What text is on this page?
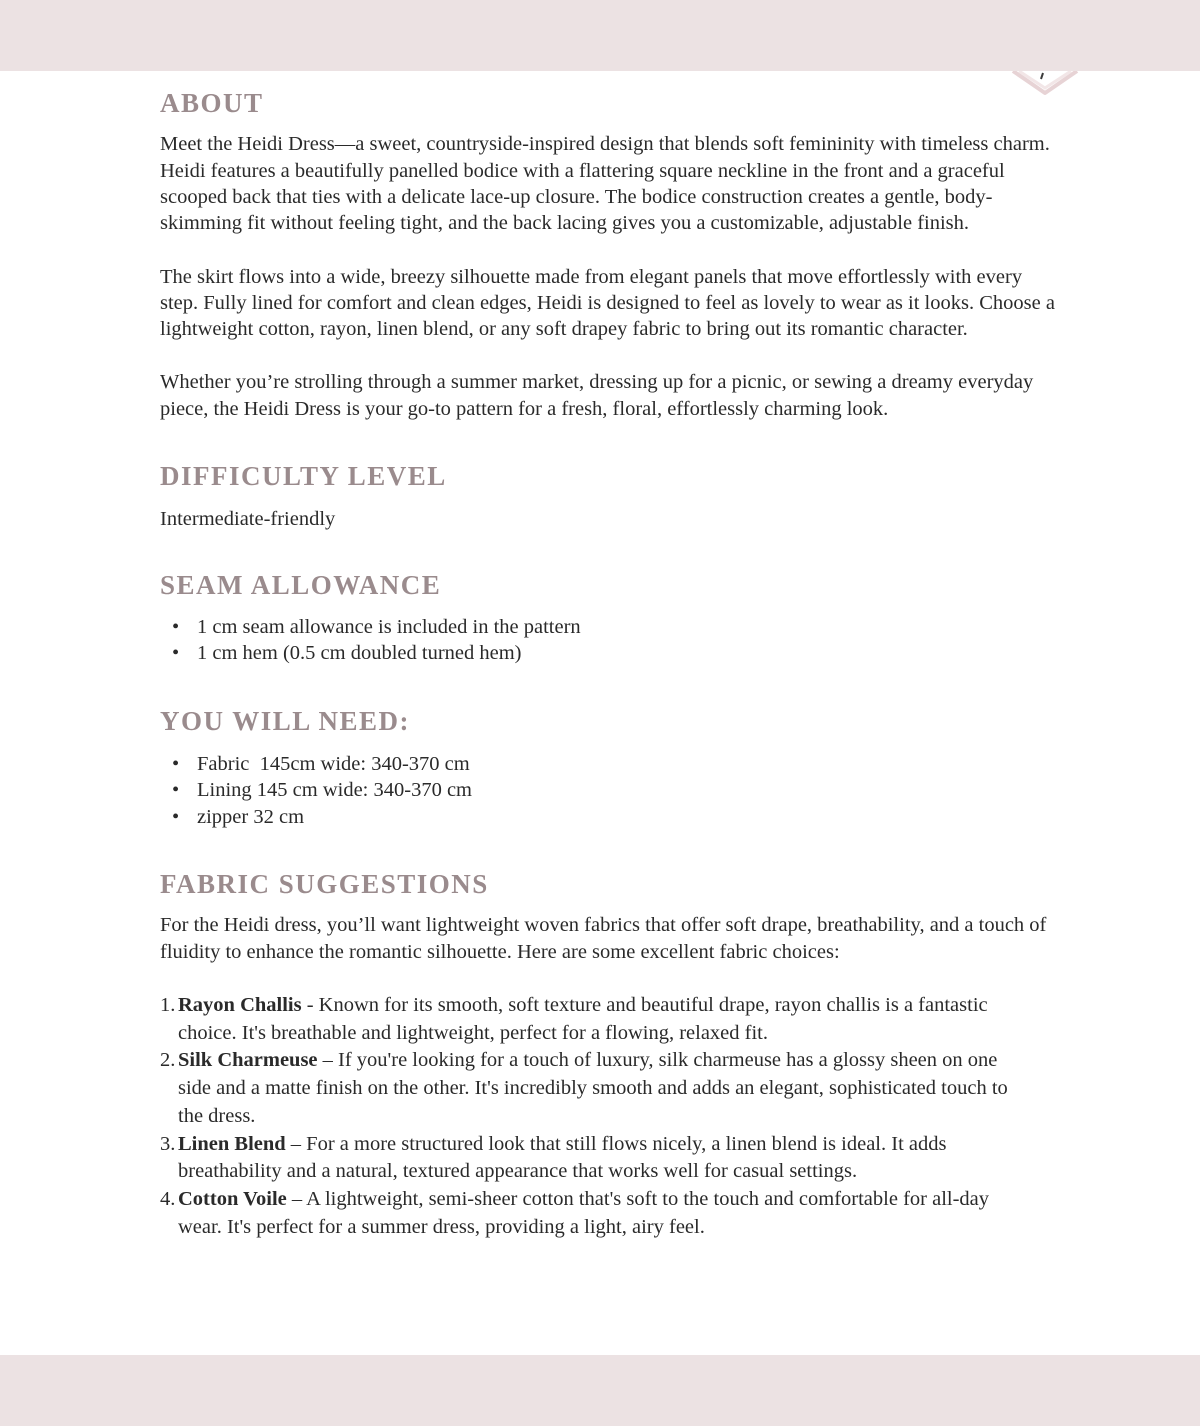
ABOUT

Meet the Heidi Dress—a sweet, countryside-inspired design that blends soft femininity with timeless charm. Heidi features a beautifully panelled bodice with a flattering square neckline in the front and a graceful scooped back that ties with a delicate lace-up closure. The bodice construction creates a gentle, body-skimming fit without feeling tight, and the back lacing gives you a customizable, adjustable finish.

The skirt flows into a wide, breezy silhouette made from elegant panels that move effortlessly with every step. Fully lined for comfort and clean edges, Heidi is designed to feel as lovely to wear as it looks. Choose a lightweight cotton, rayon, linen blend, or any soft drapey fabric to bring out its romantic character.

Whether you’re strolling through a summer market, dressing up for a picnic, or sewing a dreamy everyday piece, the Heidi Dress is your go-to pattern for a fresh, floral, effortlessly charming look.

DIFFICULTY LEVEL

Intermediate-friendly

SEAM ALLOWANCE
• 1 cm seam allowance is included in the pattern
• 1 cm hem (0.5 cm doubled turned hem)
YOU WILL NEED:
• Fabric  145cm wide: 340-370 cm
• Lining 145 cm wide: 340-370 cm
• zipper 32 cm
FABRIC SUGGESTIONS

For the Heidi dress, you’ll want lightweight woven fabrics that offer soft drape, breathability, and a touch of fluidity to enhance the romantic silhouette. Here are some excellent fabric choices:

1. Rayon Challis - Known for its smooth, soft texture and beautiful drape, rayon challis is a fantastic choice. It's breathable and lightweight, perfect for a flowing, relaxed fit.
2. Silk Charmeuse – If you're looking for a touch of luxury, silk charmeuse has a glossy sheen on one side and a matte finish on the other. It's incredibly smooth and adds an elegant, sophisticated touch to the dress.
3. Linen Blend – For a more structured look that still flows nicely, a linen blend is ideal. It adds breathability and a natural, textured appearance that works well for casual settings.
4. Cotton Voile – A lightweight, semi-sheer cotton that's soft to the touch and comfortable for all-day wear. It's perfect for a summer dress, providing a light, airy feel.
